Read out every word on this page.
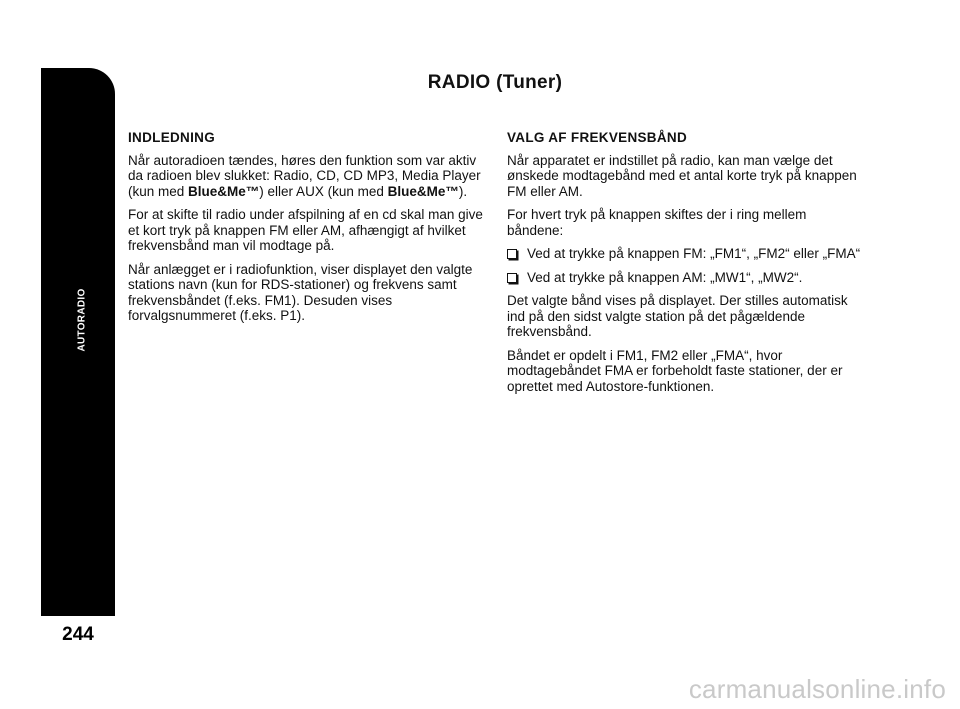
AUTORADIO
244
RADIO (Tuner)
INDLEDNING

Når autoradioen tændes, høres den funktion som var aktiv da radioen blev slukket: Radio, CD, CD MP3, Media Player (kun med Blue&Me™) eller AUX (kun med Blue&Me™).

For at skifte til radio under afspilning af en cd skal man give et kort tryk på knappen FM eller AM, afhængigt af hvilket frekvensbånd man vil modtage på.

Når anlægget er i radiofunktion, viser displayet den valgte stations navn (kun for RDS-stationer) og frekvens samt frekvensbåndet (f.eks. FM1). Desuden vises forvalgsnummeret (f.eks. P1).

VALG AF FREKVENSBÅND

Når apparatet er indstillet på radio, kan man vælge det ønskede modtagebånd med et antal korte tryk på knappen FM eller AM.

For hvert tryk på knappen skiftes der i ring mellem båndene:

Ved at trykke på knappen FM: „FM1“, „FM2“ eller „FMA“
Ved at trykke på knappen AM: „MW1“, „MW2“.

Det valgte bånd vises på displayet. Der stilles automatisk ind på den sidst valgte station på det pågældende frekvensbånd.

Båndet er opdelt i FM1, FM2 eller „FMA“, hvor modtagebåndet FMA er forbeholdt faste stationer, der er oprettet med Autostore-funktionen.

carmanualsonline.info
